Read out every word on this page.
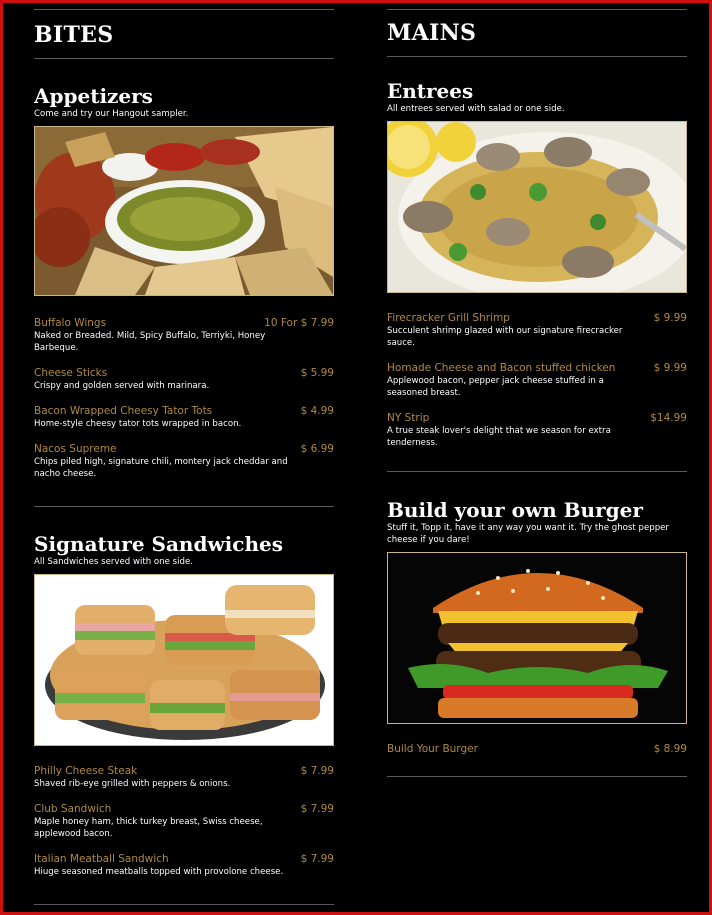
BITES
Appetizers

Come and try our Hangout sampler.

Buffalo Wings	10 For $ 7.99
Naked or Breaded. Mild, Spicy Buffalo, Terriyki, Honey Barbeque.
Cheese Sticks	$ 5.99
Crispy and golden served with marinara.
Bacon Wrapped Cheesy Tator Tots	$ 4.99
Home-style cheesy tator tots wrapped in bacon.
Nacos Supreme	$ 6.99
Chips piled high, signature chili, montery jack cheddar and nacho cheese.
Signature Sandwiches

All Sandwiches served with one side.

Philly Cheese Steak	$ 7.99
Shaved rib-eye grilled with peppers & onions.
Club Sandwich	$ 7.99
Maple honey ham, thick turkey breast, Swiss cheese, applewood bacon.
Italian Meatball Sandwich	$ 7.99
Hiuge seasoned meatballs topped with provolone cheese.
MAINS
Entrees

All entrees served with salad or one side.

Firecracker Grill Shrimp	$ 9.99
Succulent shrimp glazed with our signature firecracker sauce.
Homade Cheese and Bacon stuffed chicken	$ 9.99
Applewood bacon, pepper jack cheese stuffed in a seasoned breast.
NY Strip	$14.99
A true steak lover's delight that we season for extra tenderness.
Build your own Burger

Stuff it, Topp it, have it any way you want it. Try the ghost pepper cheese if you dare!

Build Your Burger	$ 8.99
